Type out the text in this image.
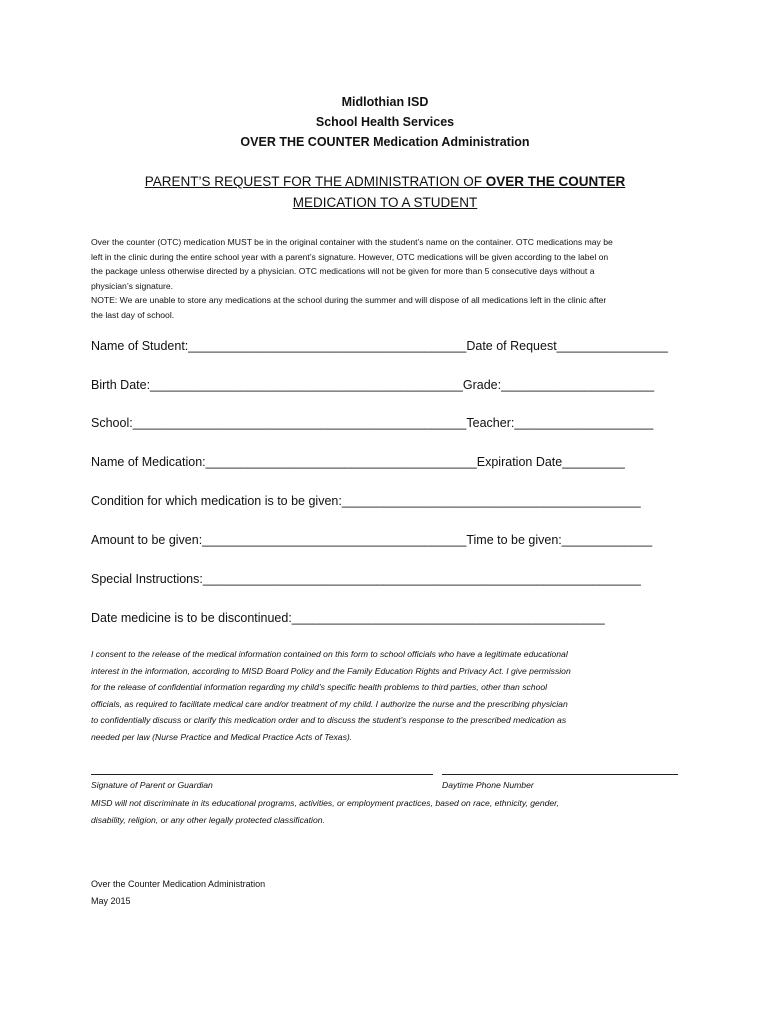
Midlothian ISD
School Health Services
OVER THE COUNTER Medication Administration
PARENT’S REQUEST FOR THE ADMINISTRATION OF OVER THE COUNTER
MEDICATION TO A STUDENT
Over the counter (OTC) medication MUST be in the original container with the student’s name on the container. OTC medications may be
left in the clinic during the entire school year with a parent’s signature. However, OTC medications will be given according to the label on
the package unless otherwise directed by a physician. OTC medications will not be given for more than 5 consecutive days without a
physician’s signature.
NOTE: We are unable to store any medications at the school during the summer and will dispose of all medications left in the clinic after
the last day of school.
Name of Student:________________________________________Date of Request________________
Birth Date:_____________________________________________Grade:______________________
School:________________________________________________Teacher:____________________
Name of Medication:_______________________________________Expiration Date_________
Condition for which medication is to be given:___________________________________________
Amount to be given:______________________________________Time to be given:_____________
Special Instructions:_______________________________________________________________
Date medicine is to be discontinued:_____________________________________________
I consent to the release of the medical information contained on this form to school officials who have a legitimate educational
interest in the information, according to MISD Board Policy and the Family Education Rights and Privacy Act. I give permission
for the release of confidential information regarding my child’s specific health problems to third parties, other than school
officials, as required to facilitate medical care and/or treatment of my child. I authorize the nurse and the prescribing physician
to confidentially discuss or clarify this medication order and to discuss the student’s response to the prescribed medication as
needed per law (Nurse Practice and Medical Practice Acts of Texas).
Signature of Parent or Guardian	Daytime Phone Number
MISD will not discriminate in its educational programs, activities, or employment practices, based on race, ethnicity, gender,
disability, religion, or any other legally protected classification.
Over the Counter Medication Administration
May 2015
